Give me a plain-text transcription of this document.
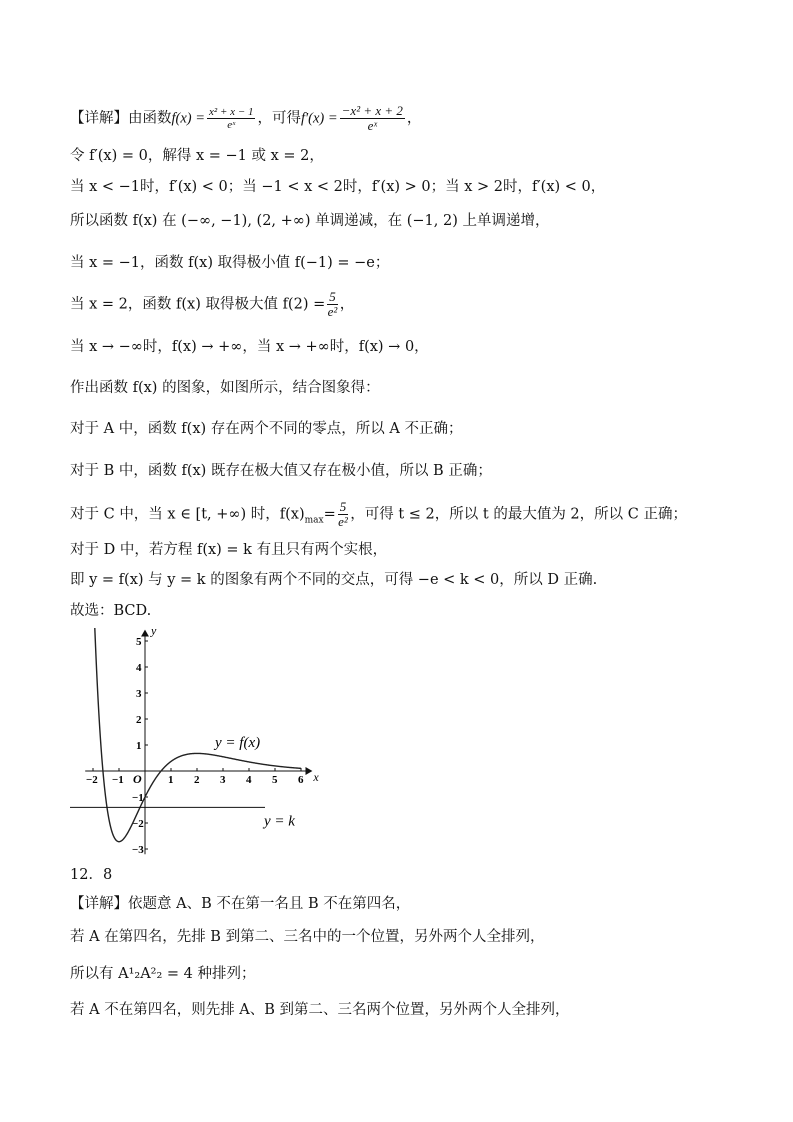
【详解】由函数$f(x) = \frac{\text{x² + x − 1}}{\text{eˣ}}$ ，可得$f'(x) = \frac{\text{−x² + x + 2}}{\text{eˣ}}$ ，
令 f′(x) = 0，解得 x = −1 或 x = 2，
当 x < −1时，f′(x) < 0；当 −1 < x < 2时，f′(x) > 0；当 x > 2时，f′(x) < 0，
所以函数 f(x) 在 (−∞, −1), (2, +∞) 单调递减，在 (−1, 2) 上单调递增，
当 x = −1，函数 f(x) 取得极小值 f(−1) = −e；
当 x = 2，函数 f(x) 取得极大值 $f(2) = \frac{5}{\text{e²}}$ ，
当 x → −∞时，f(x) → +∞，当 x → +∞时，f(x) → 0，
作出函数 f(x) 的图象，如图所示，结合图象得：
对于 A 中，函数 f(x) 存在两个不同的零点，所以 A 不正确；
对于 B 中，函数 f(x) 既存在极大值又存在极小值，所以 B 正确；
对于 C 中，当 x ∈ [t, +∞) 时，$f(x)_{max}= \frac{5}{\text{e²}}$ ，可得 t ≤ 2，所以 t 的最大值为 2，所以 C 正确；
对于 D 中，若方程 f(x) = k 有且只有两个实根，
即 y = f(x) 与 y = k 的图象有两个不同的交点，可得 −e < k < 0，所以 D 正确.
故选：BCD.
−2 −1	1 2 3 4 5 6
5
4
3
2
1
−1
−2
−3
x
y
O
y = f(x)
y = k
12．8
【详解】依题意 A、B 不在第一名且 B 不在第四名，
若 A 在第四名，先排 B 到第二、三名中的一个位置，另外两个人全排列，
所以有 A¹₂A²₂ = 4 种排列；
若 A 不在第四名，则先排 A、B 到第二、三名两个位置，另外两个人全排列，
